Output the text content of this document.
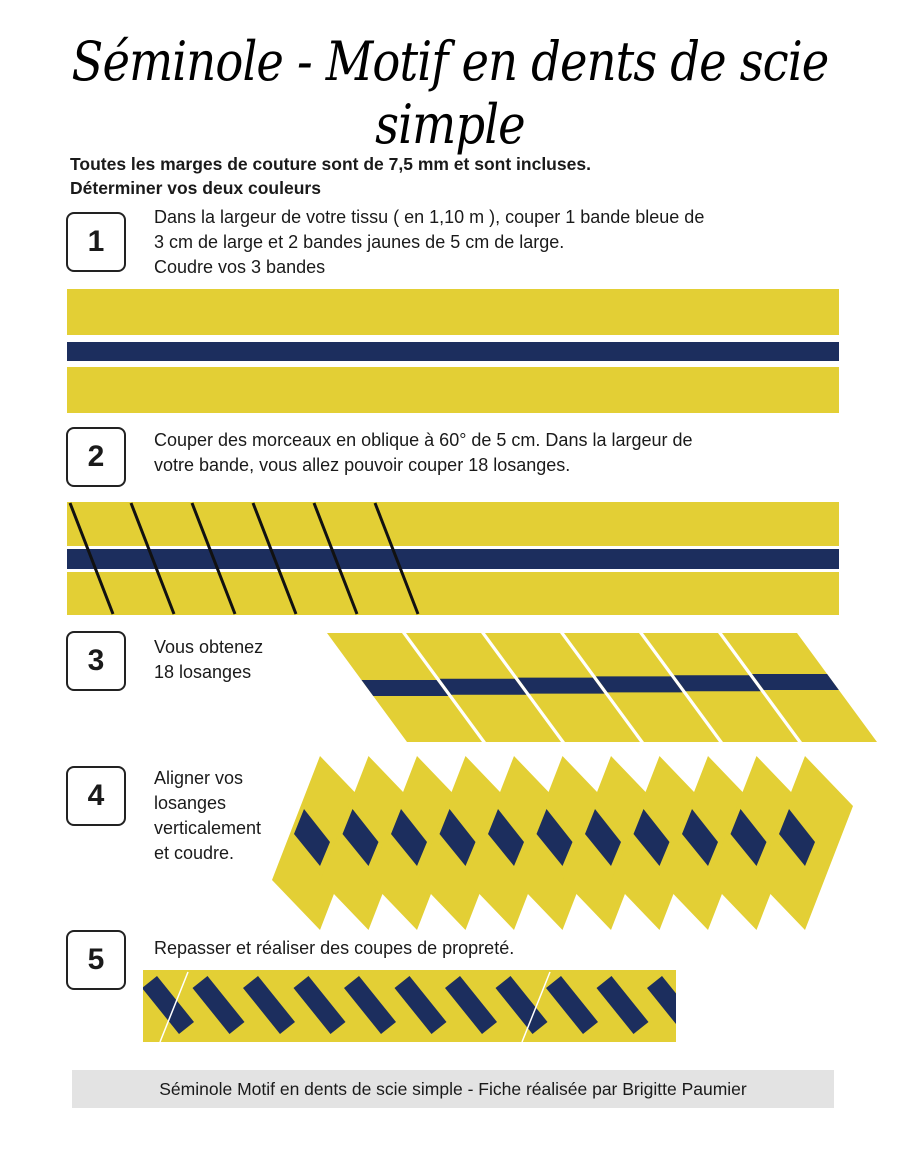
Séminole - Motif en dents de scie simple
Toutes les marges de couture sont de 7,5 mm et sont incluses.
Déterminer vos deux couleurs
1
Dans la largeur de votre tissu ( en 1,10 m ), couper 1 bande bleue de
3 cm de large et 2 bandes jaunes de 5 cm de large.
Coudre vos 3 bandes
2	Couper des morceaux en oblique à 60° de 5 cm. Dans la largeur de
votre bande, vous allez pouvoir couper 18 losanges.
3	Vous obtenez
18 losanges
4
Aligner vos
losanges
verticalement
et coudre.
5	Repasser et réaliser des coupes de propreté.
Séminole Motif en dents de scie simple - Fiche réalisée par Brigitte Paumier
